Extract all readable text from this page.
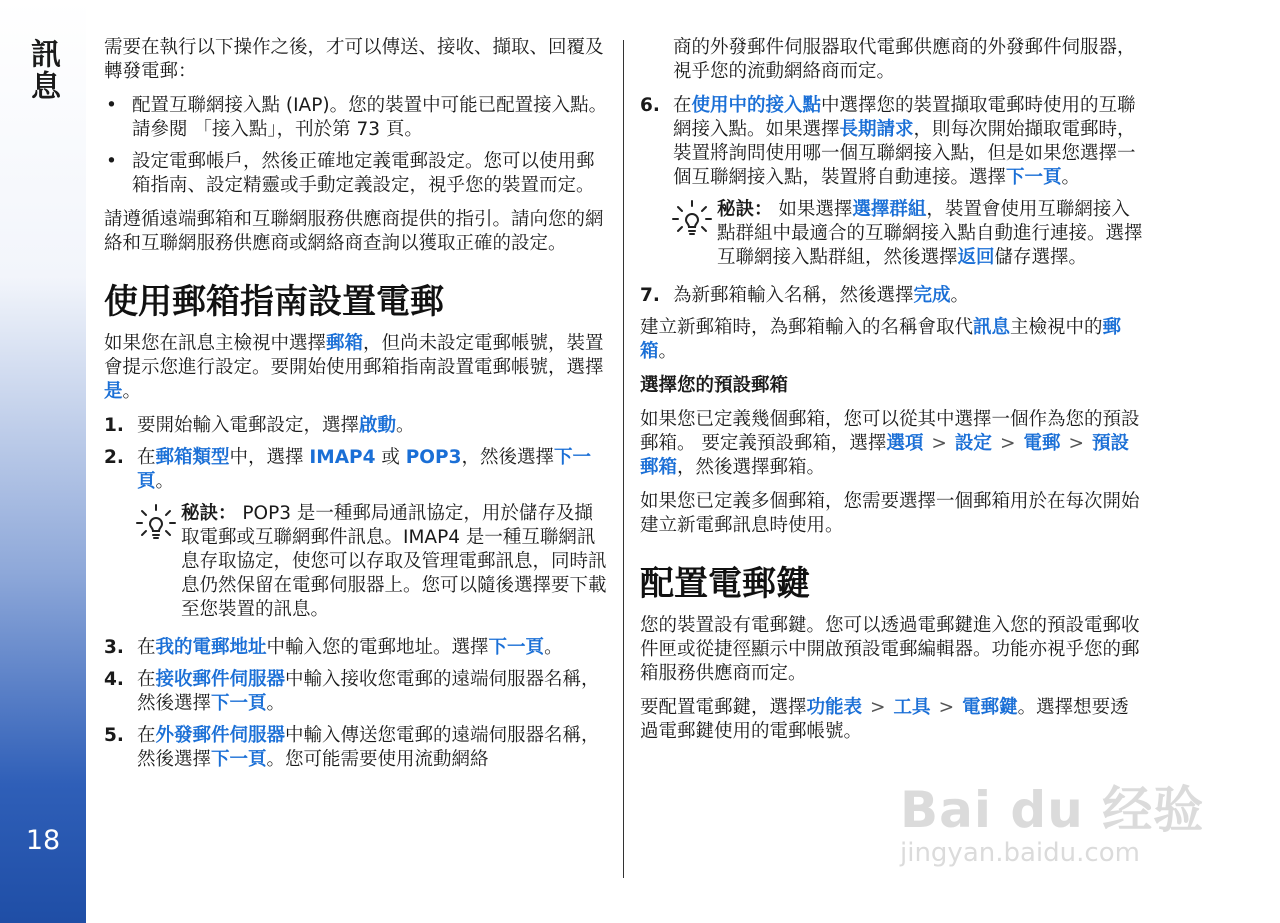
訊息
18

需要在執行以下操作之後，才可以傳送、接收、擷取、回覆及轉發電郵：

• 配置互聯網接入點 (IAP)。您的裝置中可能已配置接入點。請參閱 「接入點」，刊於第 73 頁。
• 設定電郵帳戶，然後正確地定義電郵設定。您可以使用郵箱指南、設定精靈或手動定義設定，視乎您的裝置而定。

請遵循遠端郵箱和互聯網服務供應商提供的指引。請向您的網絡和互聯網服務供應商或網絡商查詢以獲取正確的設定。

使用郵箱指南設置電郵

如果您在訊息主檢視中選擇郵箱，但尚未設定電郵帳號，裝置會提示您進行設定。要開始使用郵箱指南設置電郵帳號，選擇是。

1. 要開始輸入電郵設定，選擇啟動。
2. 在郵箱類型中，選擇 IMAP4 或 POP3，然後選擇下一頁。
秘訣： POP3 是一種郵局通訊協定，用於儲存及擷取電郵或互聯網郵件訊息。IMAP4 是一種互聯網訊息存取協定，使您可以存取及管理電郵訊息，同時訊息仍然保留在電郵伺服器上。您可以隨後選擇要下載至您裝置的訊息。
3. 在我的電郵地址中輸入您的電郵地址。選擇下一頁。
4. 在接收郵件伺服器中輸入接收您電郵的遠端伺服器名稱，然後選擇下一頁。
5. 在外發郵件伺服器中輸入傳送您電郵的遠端伺服器名稱，然後選擇下一頁。您可能需要使用流動網絡
商的外發郵件伺服器取代電郵供應商的外發郵件伺服器，視乎您的流動網絡商而定。
6. 在使用中的接入點中選擇您的裝置擷取電郵時使用的互聯網接入點。如果選擇長期請求，則每次開始擷取電郵時，裝置將詢問使用哪一個互聯網接入點，但是如果您選擇一個互聯網接入點，裝置將自動連接。選擇下一頁。
秘訣： 如果選擇選擇群組，裝置會使用互聯網接入點群組中最適合的互聯網接入點自動進行連接。選擇互聯網接入點群組，然後選擇返回儲存選擇。
7. 為新郵箱輸入名稱，然後選擇完成。

建立新郵箱時，為郵箱輸入的名稱會取代訊息主檢視中的郵箱。

選擇您的預設郵箱

如果您已定義幾個郵箱，您可以從其中選擇一個作為您的預設郵箱。 要定義預設郵箱，選擇選項 > 設定 > 電郵 > 預設郵箱，然後選擇郵箱。

如果您已定義多個郵箱，您需要選擇一個郵箱用於在每次開始建立新電郵訊息時使用。

配置電郵鍵

您的裝置設有電郵鍵。您可以透過電郵鍵進入您的預設電郵收件匣或從捷徑顯示中開啟預設電郵編輯器。功能亦視乎您的郵箱服務供應商而定。

要配置電郵鍵，選擇功能表 > 工具 > 電郵鍵。選擇想要透過電郵鍵使用的電郵帳號。

Bai du 经验
jingyan.baidu.com
